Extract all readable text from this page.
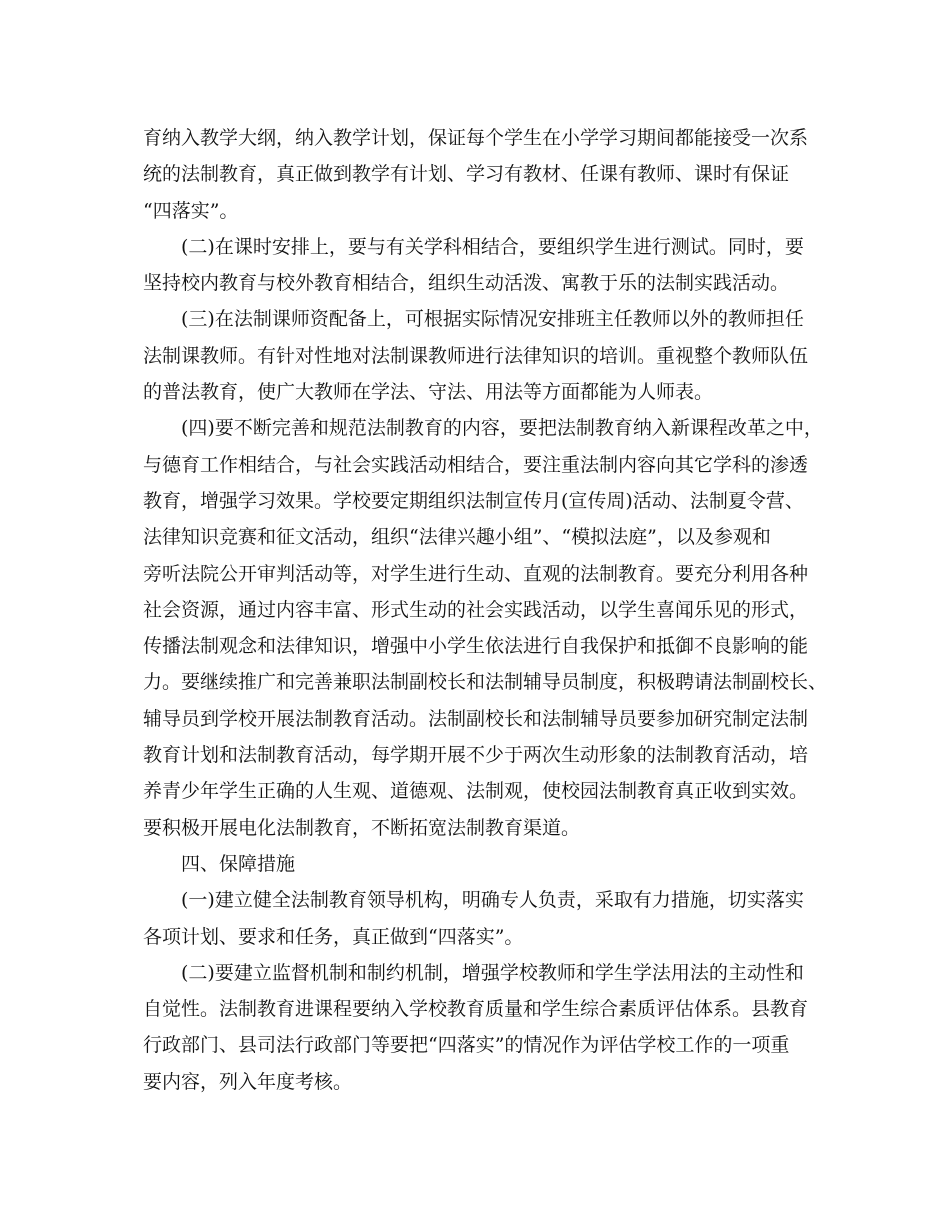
育纳入教学大纲，纳入教学计划，保证每个学生在小学学习期间都能接受一次系
统的法制教育，真正做到教学有计划、学习有教材、任课有教师、课时有保证
“四落实”。
(二)在课时安排上，要与有关学科相结合，要组织学生进行测试。同时，要
坚持校内教育与校外教育相结合，组织生动活泼、寓教于乐的法制实践活动。
(三)在法制课师资配备上，可根据实际情况安排班主任教师以外的教师担任
法制课教师。有针对性地对法制课教师进行法律知识的培训。重视整个教师队伍
的普法教育，使广大教师在学法、守法、用法等方面都能为人师表。
(四)要不断完善和规范法制教育的内容，要把法制教育纳入新课程改革之中，
与德育工作相结合，与社会实践活动相结合，要注重法制内容向其它学科的渗透
教育，增强学习效果。学校要定期组织法制宣传月(宣传周)活动、法制夏令营、
法律知识竞赛和征文活动，组织“法律兴趣小组”、“模拟法庭”，以及参观和
旁听法院公开审判活动等，对学生进行生动、直观的法制教育。要充分利用各种
社会资源，通过内容丰富、形式生动的社会实践活动，以学生喜闻乐见的形式，
传播法制观念和法律知识，增强中小学生依法进行自我保护和抵御不良影响的能
力。要继续推广和完善兼职法制副校长和法制辅导员制度，积极聘请法制副校长、
辅导员到学校开展法制教育活动。法制副校长和法制辅导员要参加研究制定法制
教育计划和法制教育活动，每学期开展不少于两次生动形象的法制教育活动，培
养青少年学生正确的人生观、道德观、法制观，使校园法制教育真正收到实效。
要积极开展电化法制教育，不断拓宽法制教育渠道。
四、保障措施
(一)建立健全法制教育领导机构，明确专人负责，采取有力措施，切实落实
各项计划、要求和任务，真正做到“四落实”。
(二)要建立监督机制和制约机制，增强学校教师和学生学法用法的主动性和
自觉性。法制教育进课程要纳入学校教育质量和学生综合素质评估体系。县教育
行政部门、县司法行政部门等要把“四落实”的情况作为评估学校工作的一项重
要内容，列入年度考核。
